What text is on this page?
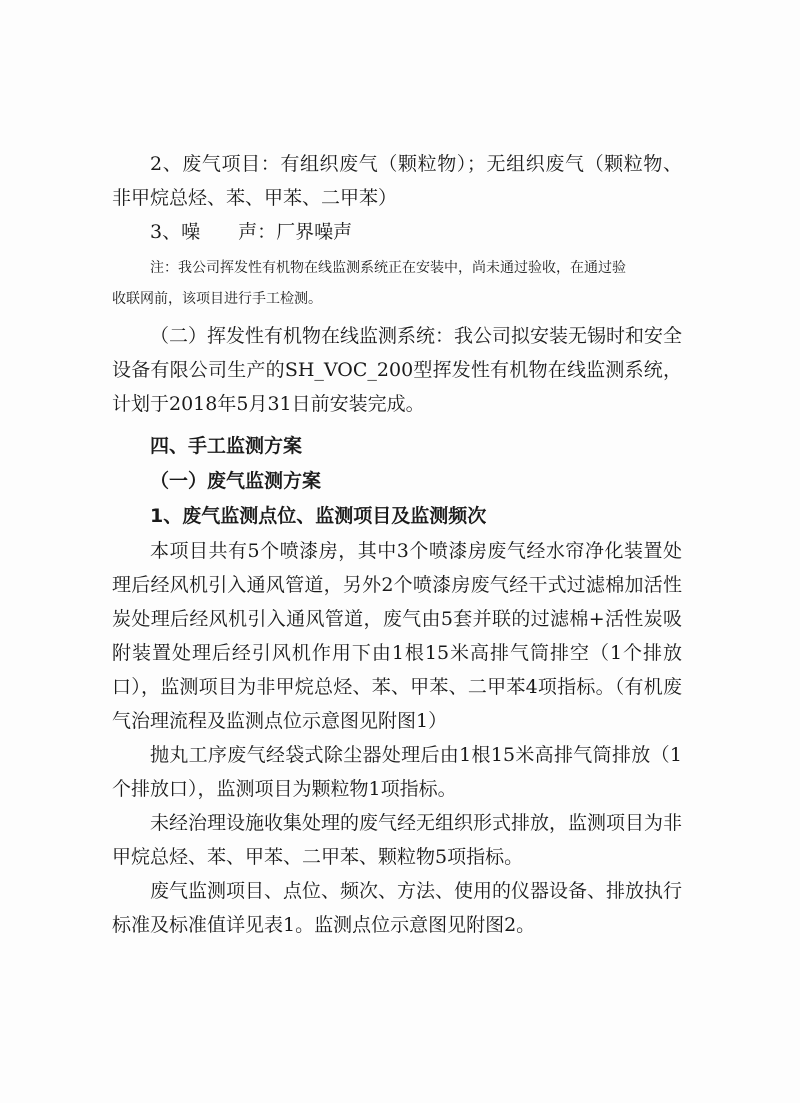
2、废气项目：有组织废气（颗粒物）；无组织废气（颗粒物、非甲烷总烃、苯、甲苯、二甲苯）

3、噪　　声：厂界噪声

注：我公司挥发性有机物在线监测系统正在安装中，尚未通过验收，在通过验
收联网前，该项目进行手工检测。

（二）挥发性有机物在线监测系统：我公司拟安装无锡时和安全设备有限公司生产的SH_VOC_200型挥发性有机物在线监测系统，计划于2018年5月31日前安装完成。

四、手工监测方案
（一）废气监测方案
1、废气监测点位、监测项目及监测频次

本项目共有5个喷漆房，其中3个喷漆房废气经水帘净化装置处理后经风机引入通风管道，另外2个喷漆房废气经干式过滤棉加活性炭处理后经风机引入通风管道，废气由5套并联的过滤棉+活性炭吸附装置处理后经引风机作用下由1根15米高排气筒排空（1个排放口），监测项目为非甲烷总烃、苯、甲苯、二甲苯4项指标。（有机废气治理流程及监测点位示意图见附图1）

抛丸工序废气经袋式除尘器处理后由1根15米高排气筒排放（1个排放口），监测项目为颗粒物1项指标。

未经治理设施收集处理的废气经无组织形式排放，监测项目为非甲烷总烃、苯、甲苯、二甲苯、颗粒物5项指标。

废气监测项目、点位、频次、方法、使用的仪器设备、排放执行标准及标准值详见表1。监测点位示意图见附图2。
